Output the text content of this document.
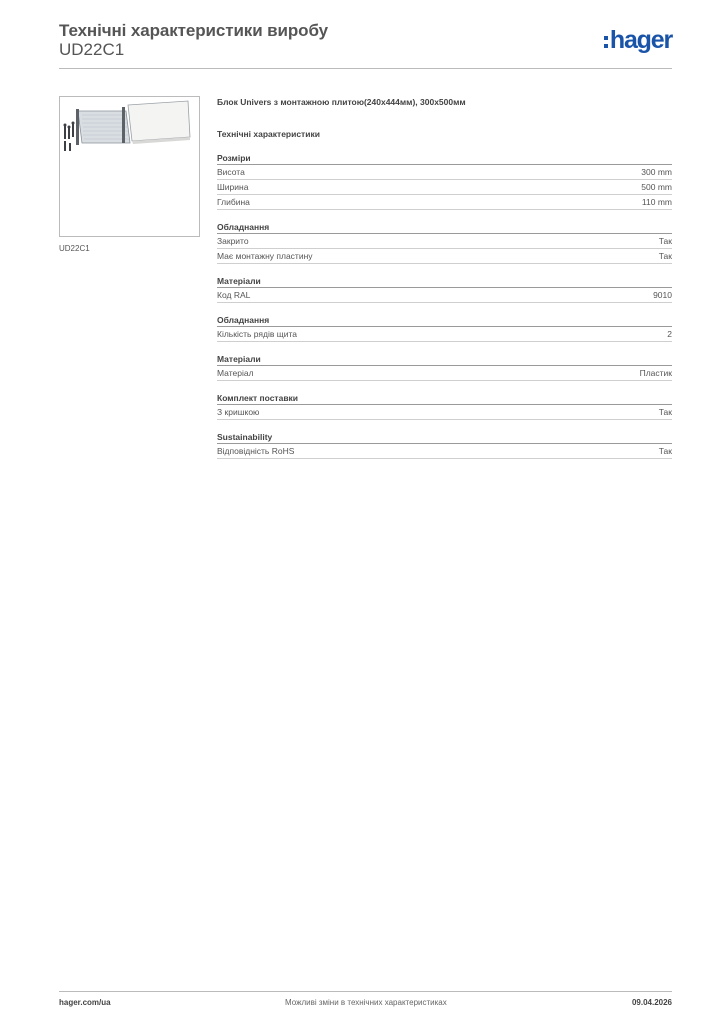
Технічні характеристики виробу
UD22C1	hager
UD22C1
Блок Univers з монтажною плитою(240x444мм), 300x500мм
Технічні характеристики
Розміри
Висота	300 mm
Ширина	500 mm
Глибина	110 mm
Обладнання
Закрито	Так
Має монтажну пластину	Так
Матеріали
Код RAL	9010
Обладнання
Кількість рядів щита	2
Матеріали
Матеріал	Пластик
Комплект поставки
З кришкою	Так
Sustainability
Відповідність RoHS	Так
hager.com/ua	Можливі зміни в технічних характеристиках	09.04.2026
